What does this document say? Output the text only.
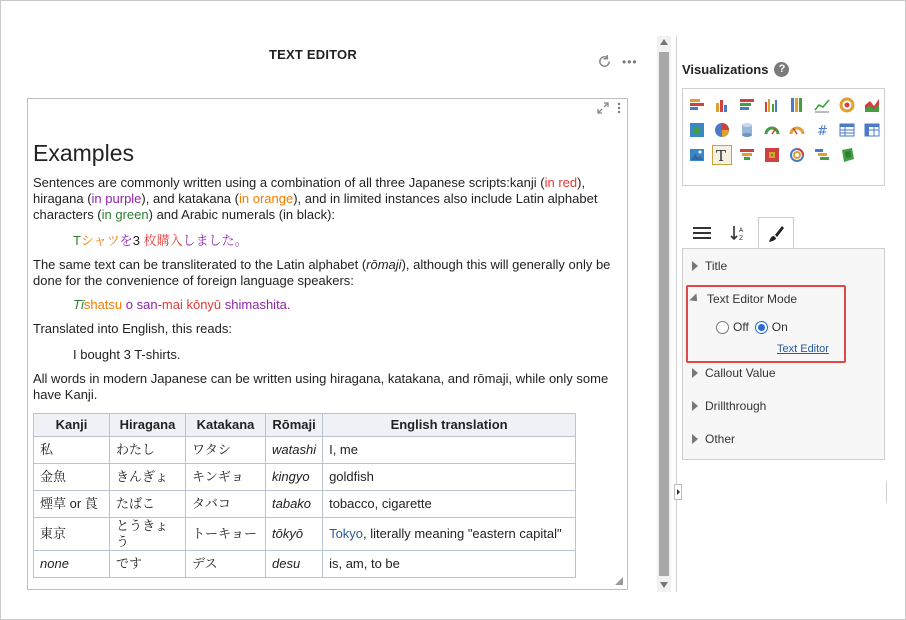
TEXT EDITOR	•••
Examples

Sentences are commonly written using a combination of all three Japanese scripts:kanji (in red), hiragana (in purple), and katakana (in orange), and in limited instances also include Latin alphabet characters (in green) and Arabic numerals (in black):

Tシャツを3 枚購入しました。

The same text can be transliterated to the Latin alphabet (rōmaji), although this will generally only be done for the convenience of foreign language speakers:

Tīshatsu o san-mai kōnyū shimashita.

Translated into English, this reads:

I bought 3 T-shirts.

All words in modern Japanese can be written using hiragana, katakana, and rōmaji, while only some have Kanji.

Kanji	Hiragana	Katakana	Rōmaji	English translation
私	わたし	ワタシ	watashi	I, me
金魚	きんぎょ	キンギョ	kingyo	goldfish
煙草 or 莨	たばこ	タバコ	tabako	tobacco, cigarette
東京	とうきょう	トーキョー	tōkyō	Tokyo, literally meaning "eastern capital"
none	です	デス	desu	is, am, to be
Visualizations ?
#
T
A
Z
Title
Text Editor Mode
Off On
Text Editor
Callout Value
Drillthrough
Other
